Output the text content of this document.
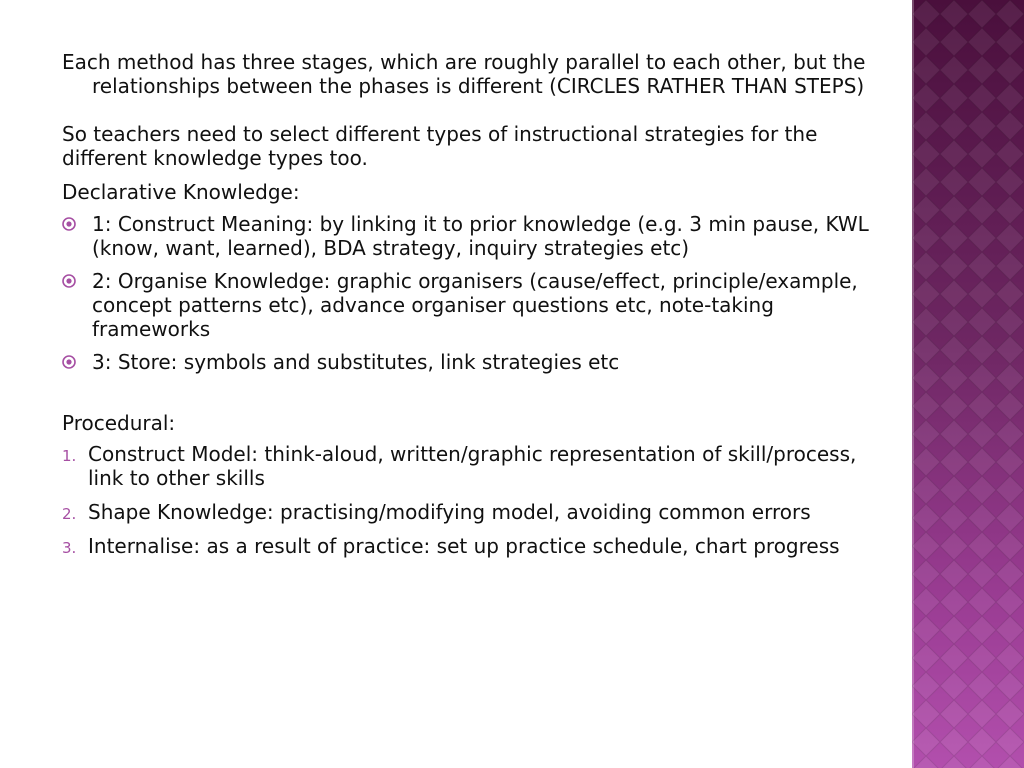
Each method has three stages, which are roughly parallel to each other, but the relationships between the phases is different (CIRCLES RATHER THAN STEPS)

So teachers need to select different types of instructional strategies for the different knowledge types too.

Declarative Knowledge:

1: Construct Meaning: by linking it to prior knowledge (e.g. 3 min pause, KWL (know, want, learned), BDA strategy, inquiry strategies etc)
2: Organise Knowledge: graphic organisers (cause/effect, principle/example, concept patterns etc), advance organiser questions etc, note-taking frameworks
3: Store: symbols and substitutes, link strategies etc

Procedural:

1. Construct Model: think-aloud, written/graphic representation of skill/process, link to other skills
2. Shape Knowledge: practising/modifying model, avoiding common errors
3. Internalise: as a result of practice: set up practice schedule, chart progress
